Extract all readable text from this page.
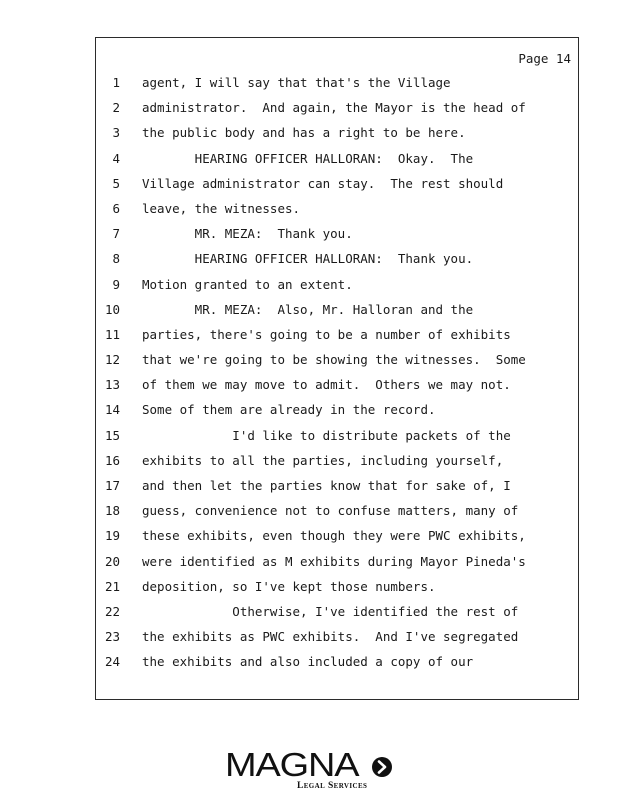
Page 14
1 agent, I will say that that's the Village
2 administrator.  And again, the Mayor is the head of
3 the public body and has a right to be here.
4 HEARING OFFICER HALLORAN:  Okay.  The
5 Village administrator can stay.  The rest should
6 leave, the witnesses.
7 MR. MEZA:  Thank you.
8 HEARING OFFICER HALLORAN:  Thank you.
9 Motion granted to an extent.
10 MR. MEZA:  Also, Mr. Halloran and the
11 parties, there's going to be a number of exhibits
12 that we're going to be showing the witnesses.  Some
13 of them we may move to admit.  Others we may not.
14 Some of them are already in the record.
15 I'd like to distribute packets of the
16 exhibits to all the parties, including yourself,
17 and then let the parties know that for sake of, I
18 guess, convenience not to confuse matters, many of
19 these exhibits, even though they were PWC exhibits,
20 were identified as M exhibits during Mayor Pineda's
21 deposition, so I've kept those numbers.
22 Otherwise, I've identified the rest of
23 the exhibits as PWC exhibits.  And I've segregated
24 the exhibits and also included a copy of our
MAGNA
Legal Services
